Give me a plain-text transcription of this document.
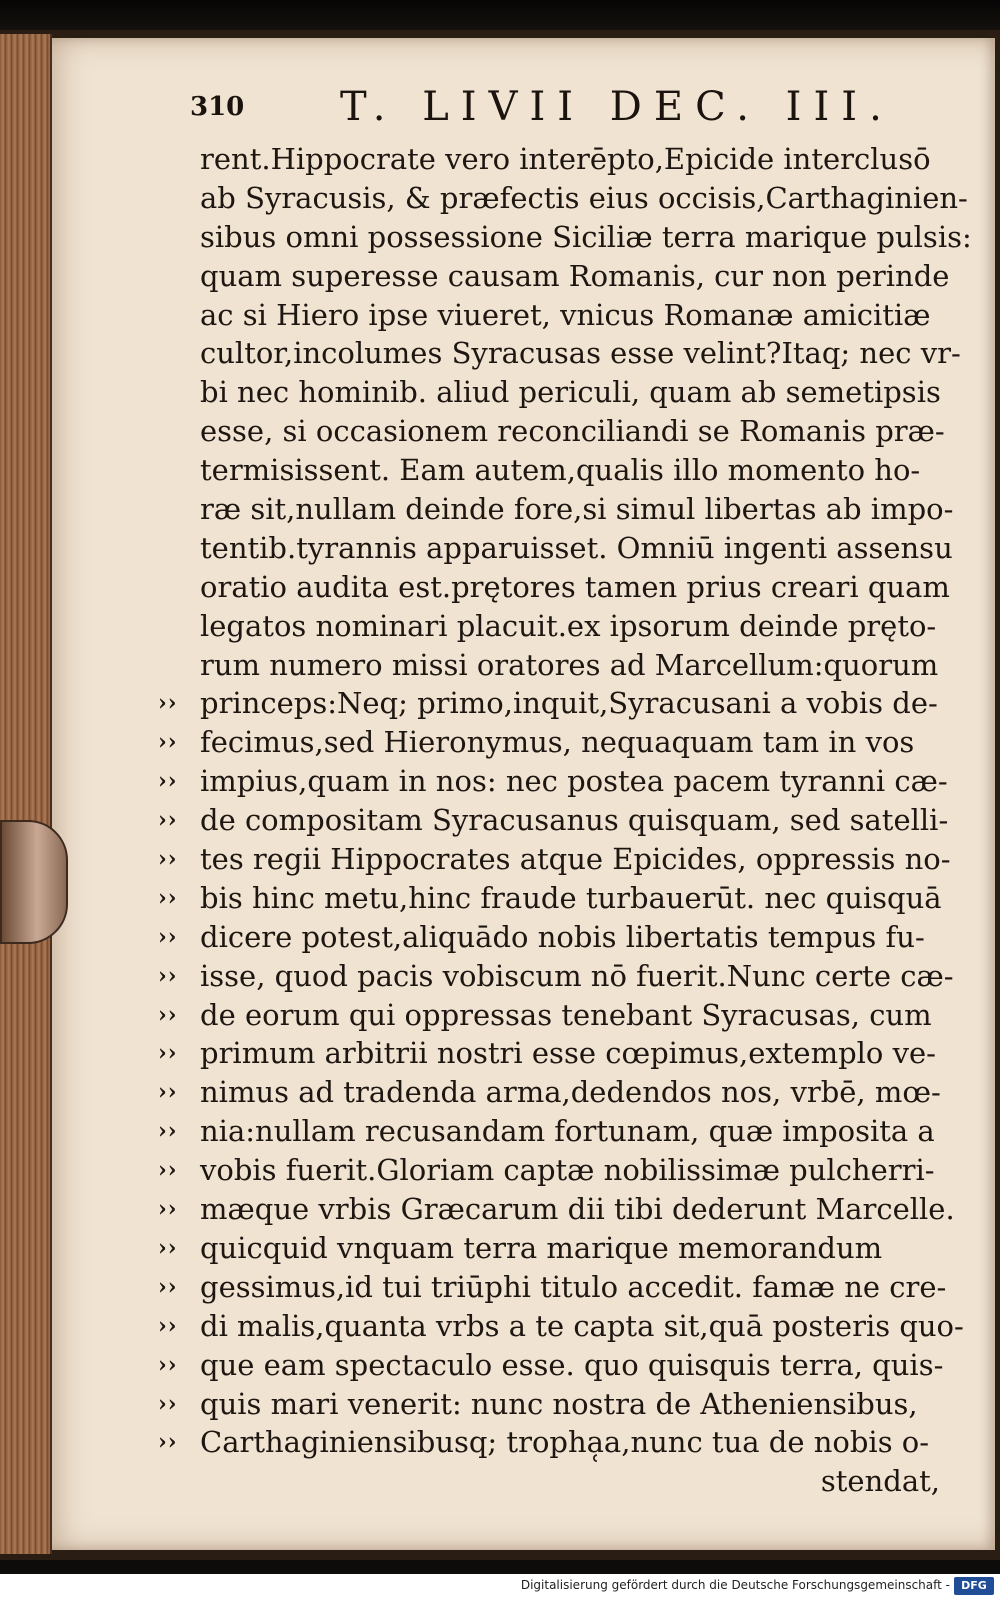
310 T. LIVII DEC. III.
rent.Hippocrate vero interēpto,Epicide interclusō
ab Syracusis, & præfectis eius occisis,Carthaginien-
sibus omni possessione Siciliæ terra marique pulsis:
quam superesse causam Romanis, cur non perinde
ac si Hiero ipse viueret, vnicus Romanæ amicitiæ
cultor,incolumes Syracusas esse velint?Itaq; nec vr-
bi nec hominib. aliud periculi, quam ab semetipsis
esse, si occasionem reconciliandi se Romanis præ-
termisissent. Eam autem,qualis illo momento ho-
ræ sit,nullam deinde fore,si simul libertas ab impo-
tentib.tyrannis apparuisset. Omniū ingenti assensu
oratio audita est.prętores tamen prius creari quam
legatos nominari placuit.ex ipsorum deinde pręto-
rum numero missi oratores ad Marcellum:quorum
›› princeps:Neq; primo,inquit,Syracusani a vobis de-
›› fecimus,sed Hieronymus, nequaquam tam in vos
›› impius,quam in nos: nec postea pacem tyranni cæ-
›› de compositam Syracusanus quisquam, sed satelli-
›› tes regii Hippocrates atque Epicides, oppressis no-
›› bis hinc metu,hinc fraude turbauerūt. nec quisquā
›› dicere potest,aliquādo nobis libertatis tempus fu-
›› isse, quod pacis vobiscum nō fuerit.Nunc certe cæ-
›› de eorum qui oppressas tenebant Syracusas, cum
›› primum arbitrii nostri esse cœpimus,extemplo ve-
›› nimus ad tradenda arma,dedendos nos, vrbē, mœ-
›› nia:nullam recusandam fortunam, quæ imposita a
›› vobis fuerit.Gloriam captæ nobilissimæ pulcherri-
›› mæque vrbis Græcarum dii tibi dederunt Marcelle.
›› quicquid vnquam terra marique memorandum
›› gessimus,id tui triūphi titulo accedit. famæ ne cre-
›› di malis,quanta vrbs a te capta sit,quā posteris quo-
›› que eam spectaculo esse. quo quisquis terra, quis-
›› quis mari venerit: nunc nostra de Atheniensibus,
›› Carthaginiensibusq; tropha̜a,nunc tua de nobis o-
stendat,
Digitalisierung gefördert durch die Deutsche Forschungsgemeinschaft -	DFG
